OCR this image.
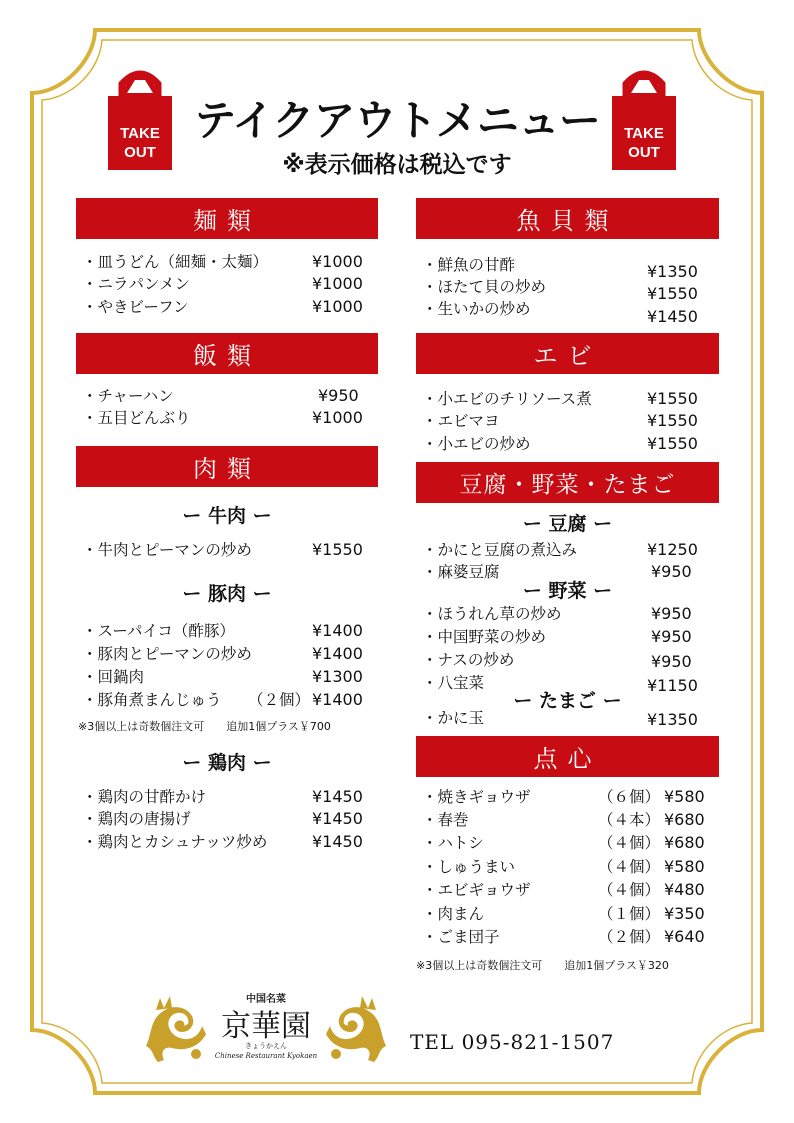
TAKE
OUT
TAKE
OUT
テイクアウトメニュー
※表示価格は税込です
麺類
・皿うどん（細麺・太麺）	¥1000
・ニラパンメン	¥1000
・やきビーフン	¥1000
飯類
・チャーハン	¥950
・五目どんぶり	¥1000
肉類
ー 牛肉 ー
・牛肉とピーマンの炒め	¥1550
ー 豚肉 ー
・スーパイコ（酢豚）	¥1400
・豚肉とピーマンの炒め	¥1400
・回鍋肉	¥1300
・豚角煮まんじゅう （２個） ¥1400
※3個以上は奇数個注文可　　追加1個プラス￥700
ー 鶏肉 ー
・鶏肉の甘酢かけ	¥1450
・鶏肉の唐揚げ	¥1450
・鶏肉とカシュナッツ炒め	¥1450
魚貝類
・鮮魚の甘酢	¥1350
・ほたて貝の炒め	¥1550
・生いかの炒め	¥1450
エビ
・小エビのチリソース煮	¥1550
・エビマヨ	¥1550
・小エビの炒め	¥1550
豆腐・野菜・たまご
ー 豆腐 ー
・かにと豆腐の煮込み	¥1250
・麻婆豆腐	¥950
ー 野菜 ー
・ほうれん草の炒め	¥950
・中国野菜の炒め	¥950
・ナスの炒め	¥950
・八宝菜	¥1150
ー たまご ー
・かに玉	¥1350
点心
・焼きギョウザ	（６個） ¥580
・春巻	（４本） ¥680
・ハトシ	（４個） ¥680
・しゅうまい	（４個） ¥580
・エビギョウザ	（４個） ¥480
・肉まん	（１個） ¥350
・ごま団子	（２個） ¥640
※3個以上は奇数個注文可　　追加1個プラス￥320
中国名菜
京華園
きょうかえん
Chinese Restaurant Kyokaen
TEL 095-821-1507
